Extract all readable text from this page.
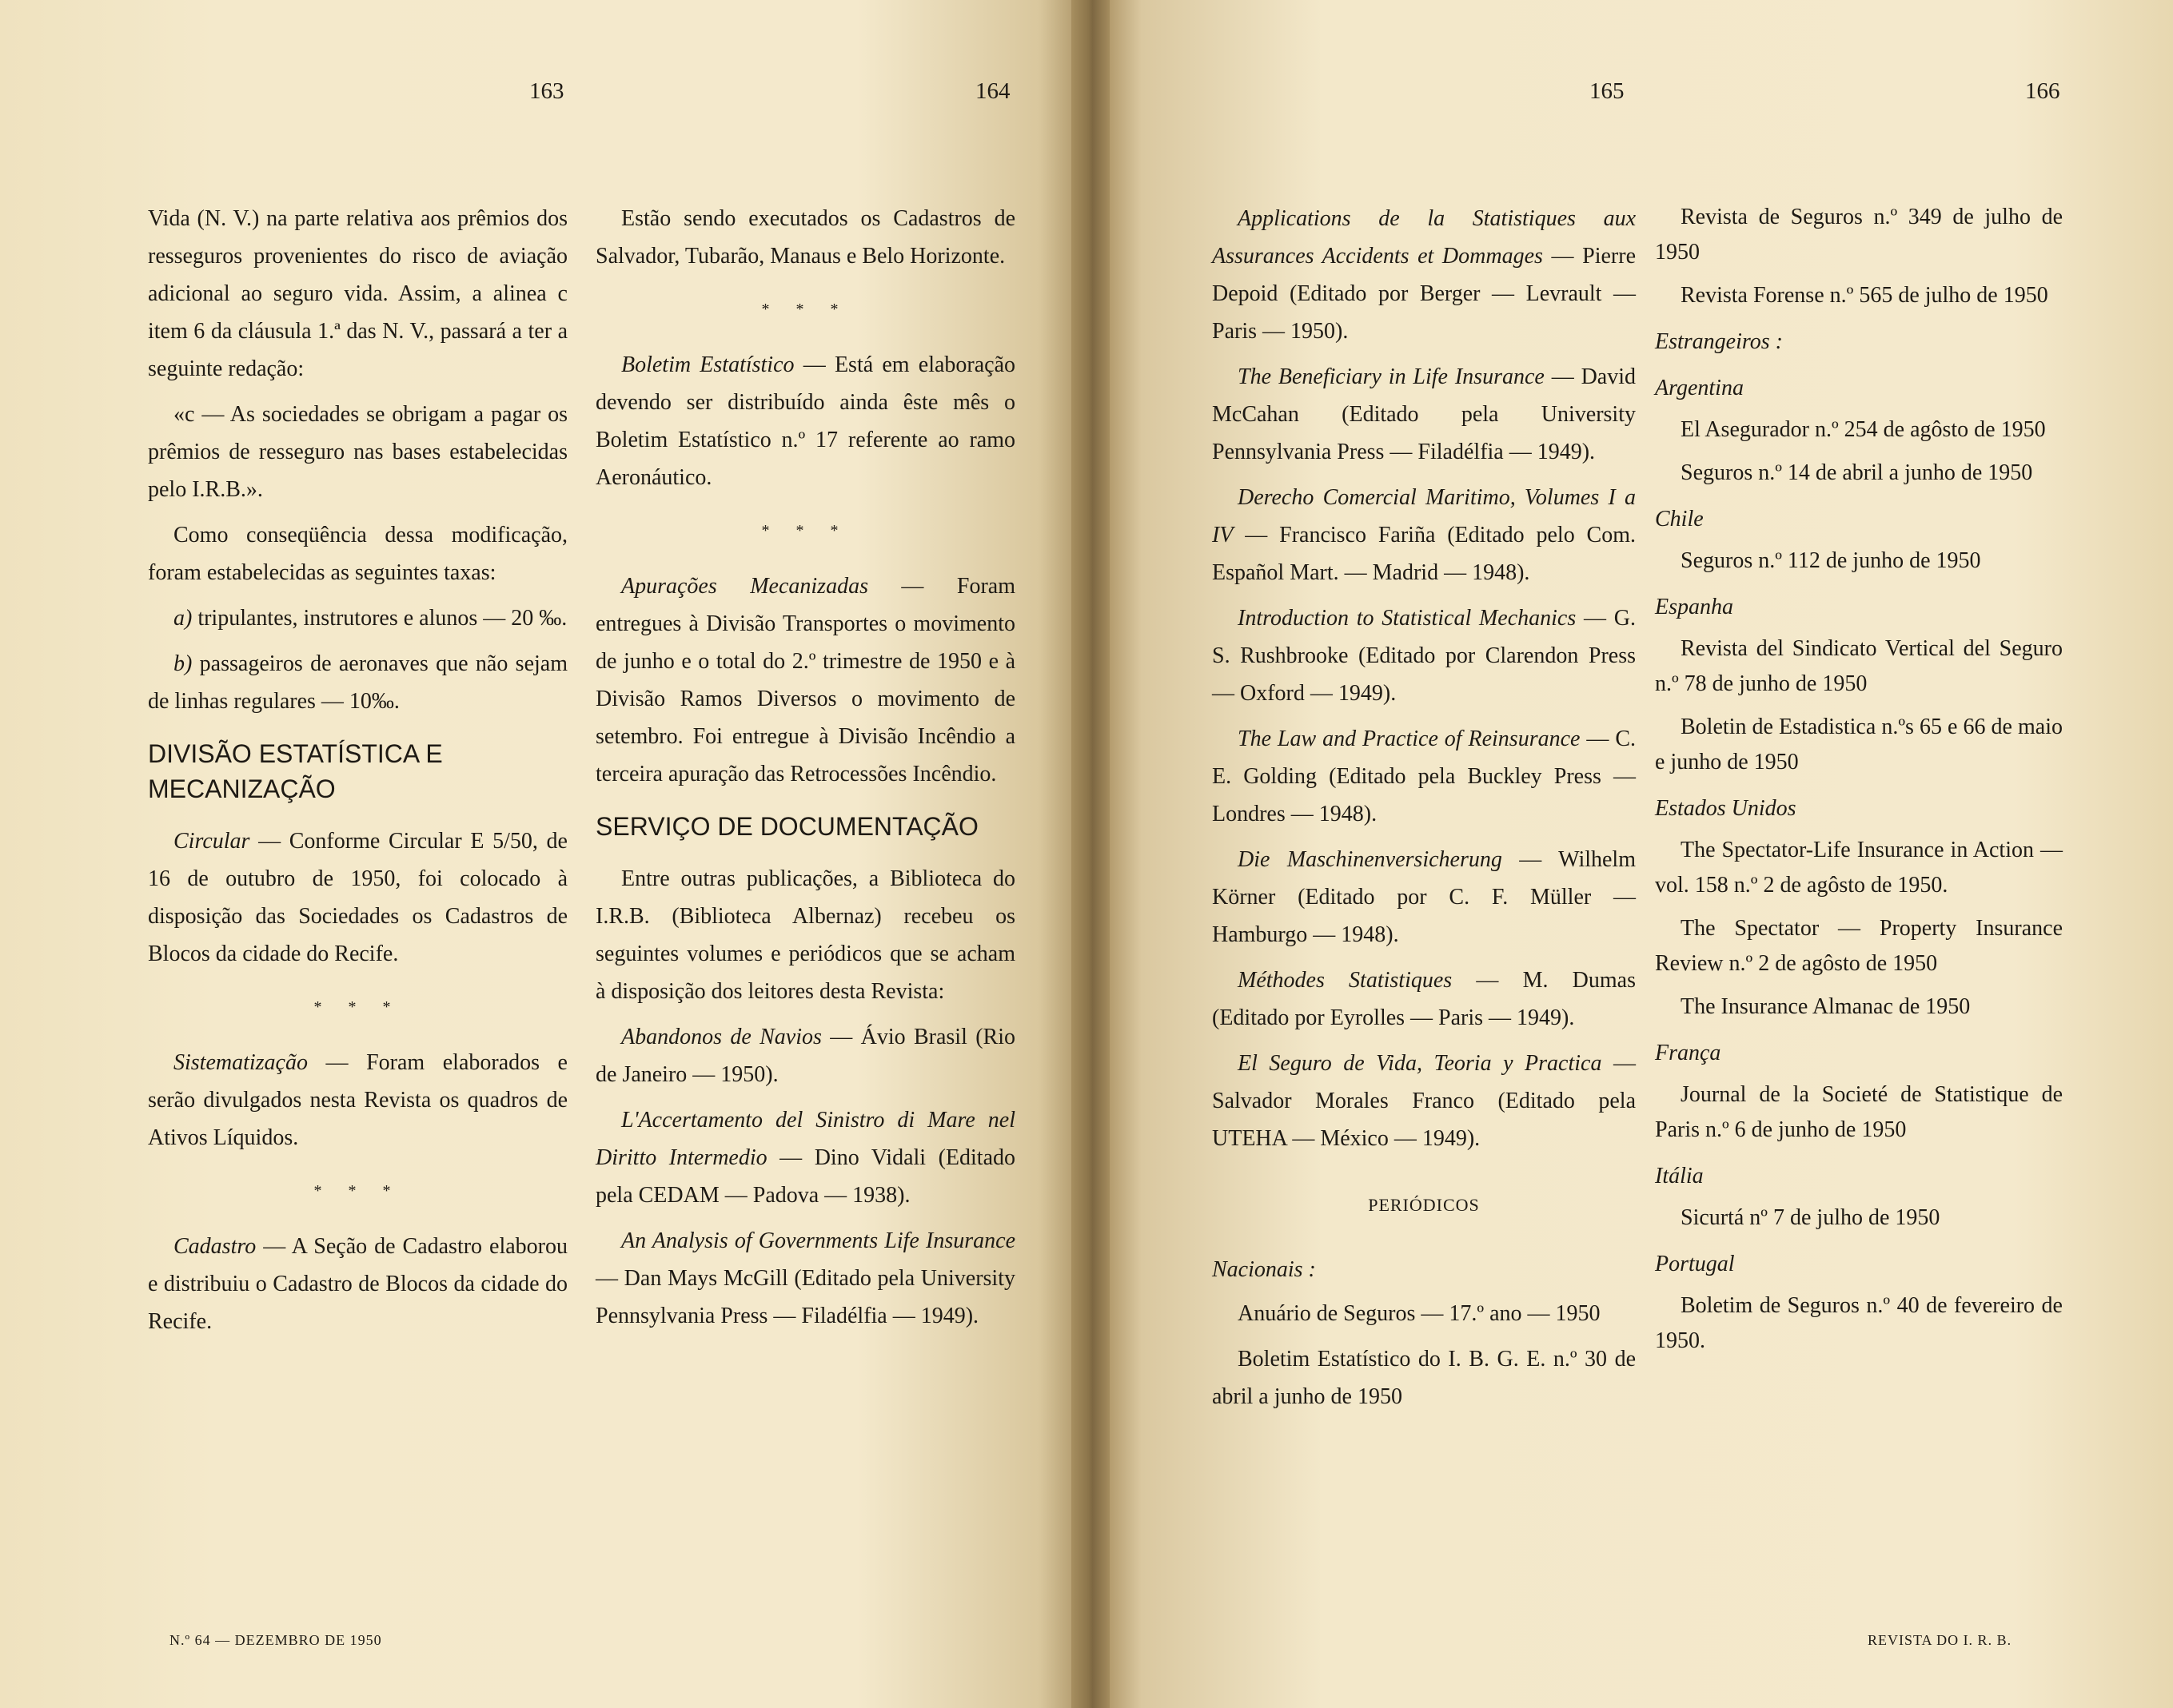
163	164

Vida (N. V.) na parte relativa aos prêmios dos resseguros provenientes do risco de aviação adicional ao seguro vida. Assim, a alinea c item 6 da cláusula 1.ª das N. V., passará a ter a seguinte redação:

«c — As sociedades se obrigam a pagar os prêmios de resseguro nas bases estabelecidas pelo I.R.B.».

Como conseqüência dessa modificação, foram estabelecidas as seguintes taxas:

a) tripulantes, instrutores e alunos — 20 ‰.

b) passageiros de aeronaves que não sejam de linhas regulares — 10‰.

DIVISÃO ESTATÍSTICA E MECANIZAÇÃO

Circular — Conforme Circular E 5/50, de 16 de outubro de 1950, foi colocado à disposição das Sociedades os Cadastros de Blocos da cidade do Recife.

* * *

Sistematização — Foram elaborados e serão divulgados nesta Revista os quadros de Ativos Líquidos.

* * *

Cadastro — A Seção de Cadastro elaborou e distribuiu o Cadastro de Blocos da cidade do Recife.

Estão sendo executados os Cadastros de Salvador, Tubarão, Manaus e Belo Horizonte.

* * *

Boletim Estatístico — Está em elaboração devendo ser distribuído ainda êste mês o Boletim Estatístico n.º 17 referente ao ramo Aeronáutico.

* * *

Apurações Mecanizadas — Foram entregues à Divisão Transportes o movimento de junho e o total do 2.º trimestre de 1950 e à Divisão Ramos Diversos o movimento de setembro. Foi entregue à Divisão Incêndio a terceira apuração das Retrocessões Incêndio.

SERVIÇO DE DOCUMENTAÇÃO

Entre outras publicações, a Biblioteca do I.R.B. (Biblioteca Albernaz) recebeu os seguintes volumes e periódicos que se acham à disposição dos leitores desta Revista:

Abandonos de Navios — Ávio Brasil (Rio de Janeiro — 1950).

L'Accertamento del Sinistro di Mare nel Diritto Intermedio — Dino Vidali (Editado pela CEDAM — Padova — 1938).

An Analysis of Governments Life Insurance — Dan Mays McGill (Editado pela University Pennsylvania Press — Filadélfia — 1949).

N.º 64 — DEZEMBRO DE 1950
165	166

Applications de la Statistiques aux Assurances Accidents et Dommages — Pierre Depoid (Editado por Berger — Levrault — Paris — 1950).

The Beneficiary in Life Insurance — David McCahan (Editado pela University Pennsylvania Press — Filadélfia — 1949).

Derecho Comercial Maritimo, Volumes I a IV — Francisco Fariña (Editado pelo Com. Español Mart. — Madrid — 1948).

Introduction to Statistical Mechanics — G. S. Rushbrooke (Editado por Clarendon Press — Oxford — 1949).

The Law and Practice of Reinsurance — C. E. Golding (Editado pela Buckley Press — Londres — 1948).

Die Maschinenversicherung — Wilhelm Körner (Editado por C. F. Müller — Hamburgo — 1948).

Méthodes Statistiques — M. Dumas (Editado por Eyrolles — Paris — 1949).

El Seguro de Vida, Teoria y Practica — Salvador Morales Franco (Editado pela UTEHA — México — 1949).

PERIÓDICOS
Nacionais :

Anuário de Seguros — 17.º ano — 1950

Boletim Estatístico do I. B. G. E. n.º 30 de abril a junho de 1950

Revista de Seguros n.º 349 de julho de 1950

Revista Forense n.º 565 de julho de 1950

Estrangeiros :
Argentina

El Asegurador n.º 254 de agôsto de 1950

Seguros n.º 14 de abril a junho de 1950

Chile

Seguros n.º 112 de junho de 1950

Espanha

Revista del Sindicato Vertical del Seguro n.º 78 de junho de 1950

Boletin de Estadistica n.ºs 65 e 66 de maio e junho de 1950

Estados Unidos

The Spectator-Life Insurance in Action — vol. 158 n.º 2 de agôsto de 1950.

The Spectator — Property Insurance Review n.º 2 de agôsto de 1950

The Insurance Almanac de 1950

França

Journal de la Societé de Statistique de Paris n.º 6 de junho de 1950

Itália

Sicurtá nº 7 de julho de 1950

Portugal

Boletim de Seguros n.º 40 de fevereiro de 1950.

REVISTA DO I. R. B.
